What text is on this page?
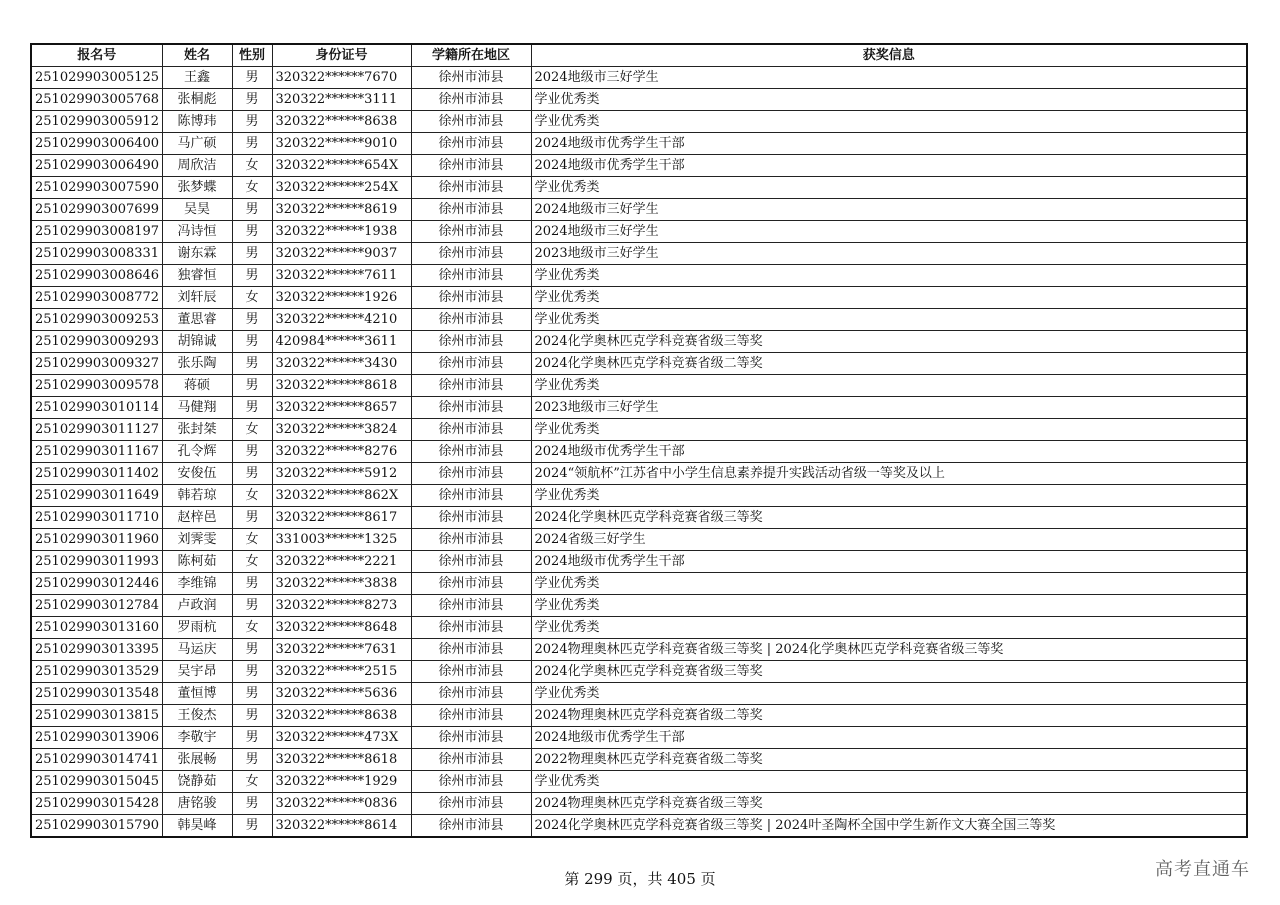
报名号	姓名	性别	身份证号	学籍所在地区	获奖信息
251029903005125	王鑫	男	320322******7670	徐州市沛县	2024地级市三好学生
251029903005768	张桐彪	男	320322******3111	徐州市沛县	学业优秀类
251029903005912	陈博玮	男	320322******8638	徐州市沛县	学业优秀类
251029903006400	马广硕	男	320322******9010	徐州市沛县	2024地级市优秀学生干部
251029903006490	周欣洁	女	320322******654X	徐州市沛县	2024地级市优秀学生干部
251029903007590	张梦蝶	女	320322******254X	徐州市沛县	学业优秀类
251029903007699	吴昊	男	320322******8619	徐州市沛县	2024地级市三好学生
251029903008197	冯诗恒	男	320322******1938	徐州市沛县	2024地级市三好学生
251029903008331	谢东霖	男	320322******9037	徐州市沛县	2023地级市三好学生
251029903008646	独睿恒	男	320322******7611	徐州市沛县	学业优秀类
251029903008772	刘轩辰	女	320322******1926	徐州市沛县	学业优秀类
251029903009253	董思睿	男	320322******4210	徐州市沛县	学业优秀类
251029903009293	胡锦诚	男	420984******3611	徐州市沛县	2024化学奥林匹克学科竞赛省级三等奖
251029903009327	张乐陶	男	320322******3430	徐州市沛县	2024化学奥林匹克学科竞赛省级二等奖
251029903009578	蒋硕	男	320322******8618	徐州市沛县	学业优秀类
251029903010114	马健翔	男	320322******8657	徐州市沛县	2023地级市三好学生
251029903011127	张封桀	女	320322******3824	徐州市沛县	学业优秀类
251029903011167	孔令辉	男	320322******8276	徐州市沛县	2024地级市优秀学生干部
251029903011402	安俊伍	男	320322******5912	徐州市沛县	2024“领航杯”江苏省中小学生信息素养提升实践活动省级一等奖及以上
251029903011649	韩若琼	女	320322******862X	徐州市沛县	学业优秀类
251029903011710	赵梓邑	男	320322******8617	徐州市沛县	2024化学奥林匹克学科竞赛省级三等奖
251029903011960	刘霁雯	女	331003******1325	徐州市沛县	2024省级三好学生
251029903011993	陈柯茹	女	320322******2221	徐州市沛县	2024地级市优秀学生干部
251029903012446	李维锦	男	320322******3838	徐州市沛县	学业优秀类
251029903012784	卢政润	男	320322******8273	徐州市沛县	学业优秀类
251029903013160	罗雨杭	女	320322******8648	徐州市沛县	学业优秀类
251029903013395	马运庆	男	320322******7631	徐州市沛县	2024物理奥林匹克学科竞赛省级三等奖 | 2024化学奥林匹克学科竞赛省级三等奖
251029903013529	吴宇昂	男	320322******2515	徐州市沛县	2024化学奥林匹克学科竞赛省级三等奖
251029903013548	董恒博	男	320322******5636	徐州市沛县	学业优秀类
251029903013815	王俊杰	男	320322******8638	徐州市沛县	2024物理奥林匹克学科竞赛省级二等奖
251029903013906	李敬宇	男	320322******473X	徐州市沛县	2024地级市优秀学生干部
251029903014741	张展畅	男	320322******8618	徐州市沛县	2022物理奥林匹克学科竞赛省级二等奖
251029903015045	饶静茹	女	320322******1929	徐州市沛县	学业优秀类
251029903015428	唐铭骏	男	320322******0836	徐州市沛县	2024物理奥林匹克学科竞赛省级三等奖
251029903015790	韩昊峰	男	320322******8614	徐州市沛县	2024化学奥林匹克学科竞赛省级三等奖 | 2024叶圣陶杯全国中学生新作文大赛全国三等奖
第 299 页，共 405 页	高考直通车
